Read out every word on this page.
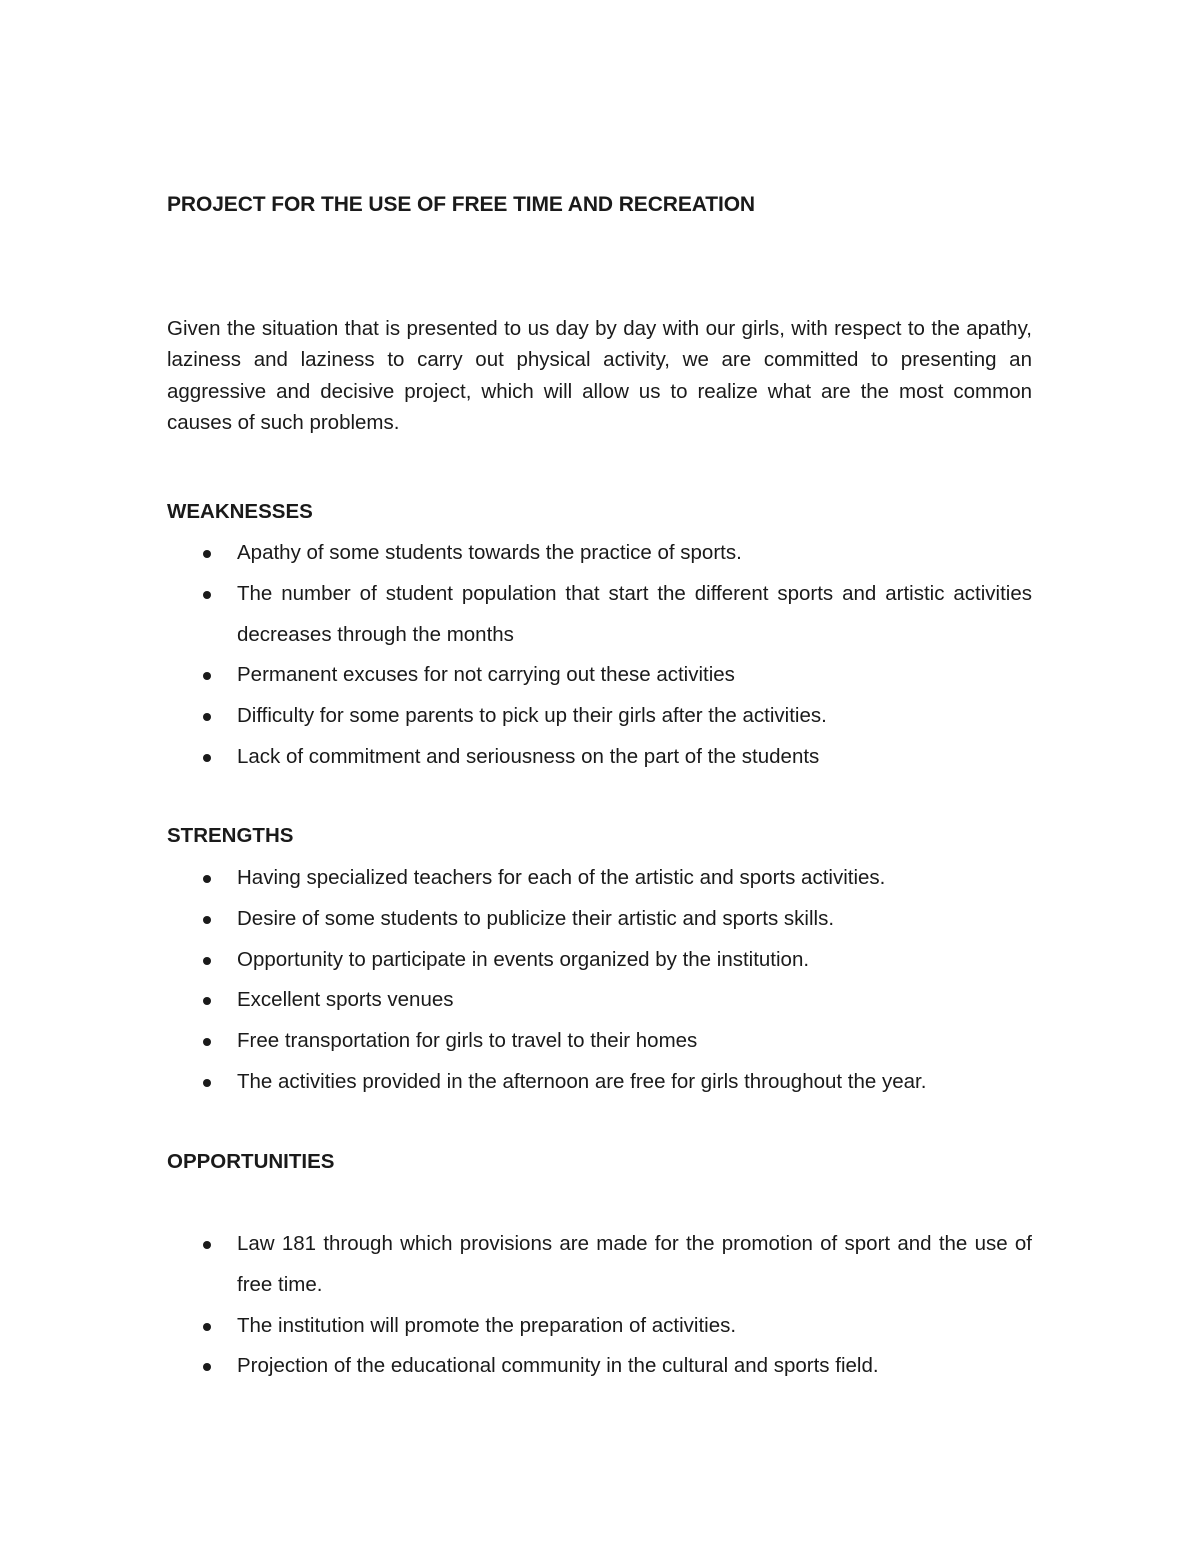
PROJECT FOR THE USE OF FREE TIME AND RECREATION

Given the situation that is presented to us day by day with our girls, with respect to the apathy, laziness and laziness to carry out physical activity, we are committed to presenting an aggressive and decisive project, which will allow us to realize what are the most common causes of such problems.

WEAKNESSES
Apathy of some students towards the practice of sports.
The number of student population that start the different sports and artistic activities decreases through the months
Permanent excuses for not carrying out these activities
Difficulty for some parents to pick up their girls after the activities.
Lack of commitment and seriousness on the part of the students
STRENGTHS
Having specialized teachers for each of the artistic and sports activities.
Desire of some students to publicize their artistic and sports skills.
Opportunity to participate in events organized by the institution.
Excellent sports venues
Free transportation for girls to travel to their homes
The activities provided in the afternoon are free for girls throughout the year.
OPPORTUNITIES
Law 181 through which provisions are made for the promotion of sport and the use of free time.
The institution will promote the preparation of activities.
Projection of the educational community in the cultural and sports field.
